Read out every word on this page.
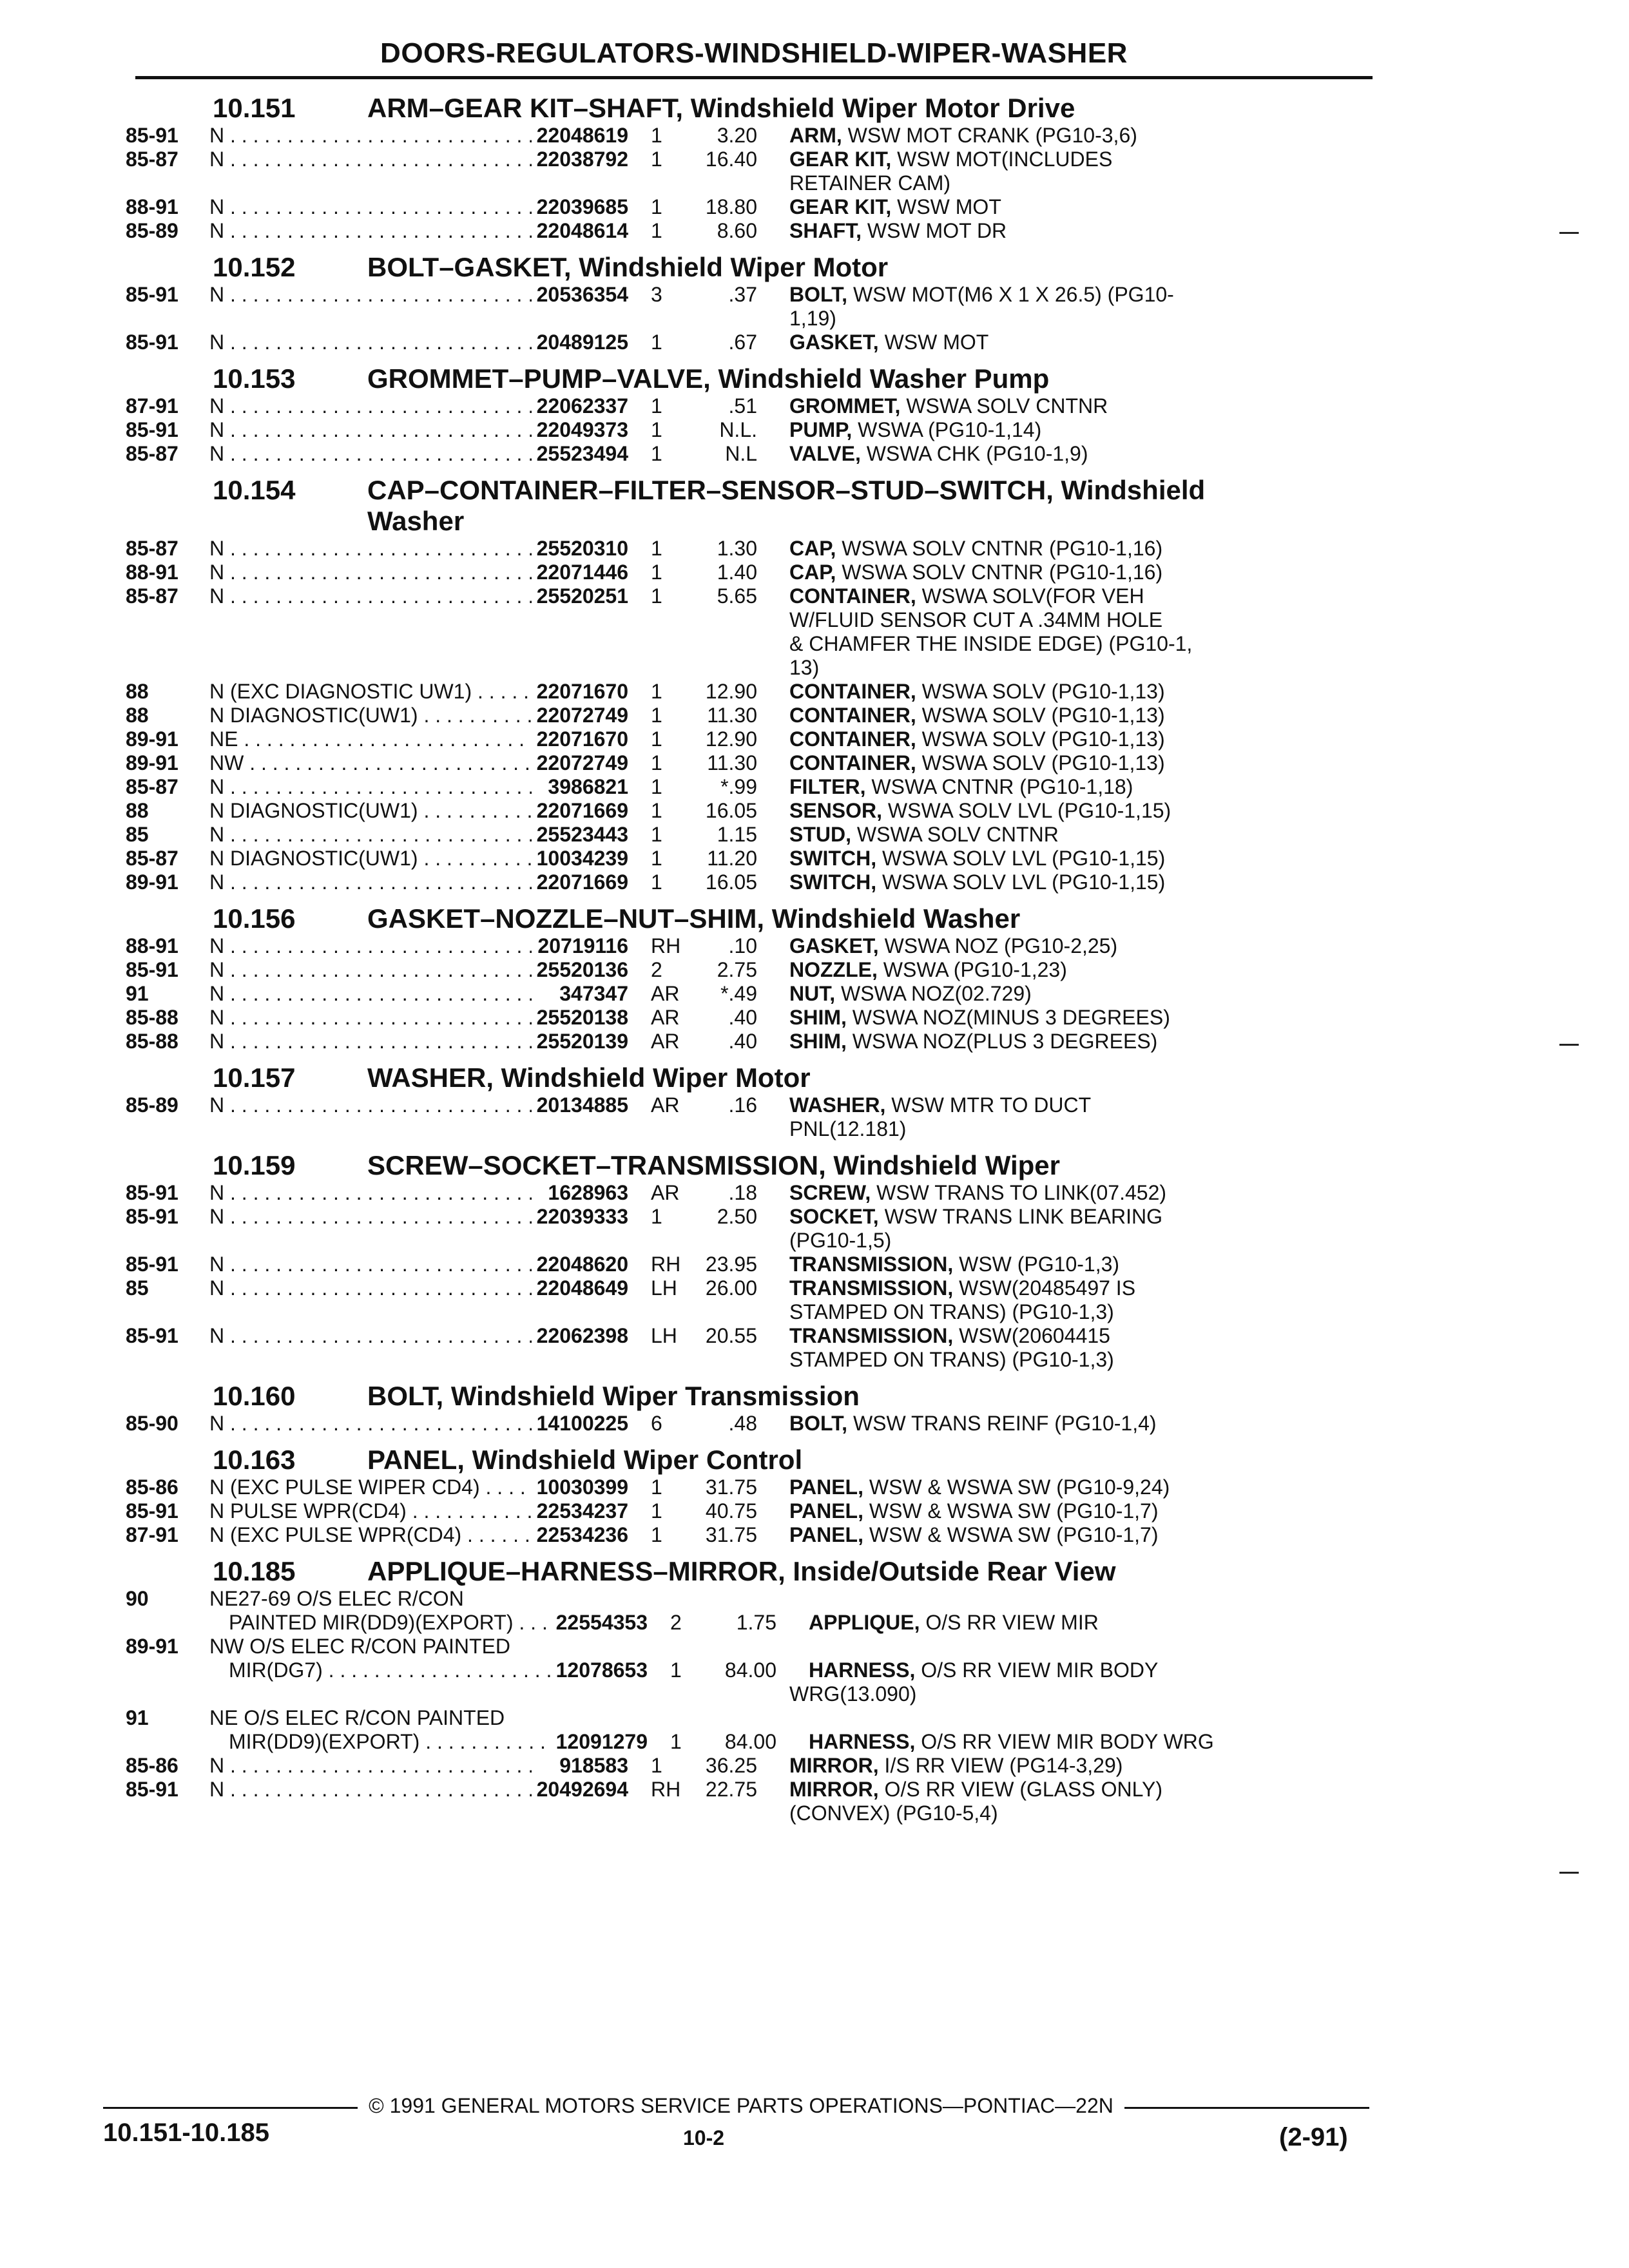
DOORS-REGULATORS-WINDSHIELD-WIPER-WASHER
10.151	ARM–GEAR KIT–SHAFT, Windshield Wiper Motor Drive
85-91	N . . .	22048619	1	3.20	ARM, WSW MOT CRANK (PG10-3,6)
85-87	N . . .	22038792	1	16.40	GEAR KIT, WSW MOT(INCLUDES
RETAINER CAM)
88-91	N . . .	22039685	1	18.80	GEAR KIT, WSW MOT
85-89	N . . .	22048614	1	8.60	SHAFT, WSW MOT DR
10.152	BOLT–GASKET, Windshield Wiper Motor
85-91	N . . .	20536354	3	.37	BOLT, WSW MOT(M6 X 1 X 26.5) (PG10-
1,19)
85-91	N . . .	20489125	1	.67	GASKET, WSW MOT
10.153	GROMMET–PUMP–VALVE, Windshield Washer Pump
87-91	N . . .	22062337	1	.51	GROMMET, WSWA SOLV CNTNR
85-91	N . . .	22049373	1	N.L.	PUMP, WSWA (PG10-1,14)
85-87	N . . .	25523494	1	N.L	VALVE, WSWA CHK (PG10-1,9)
10.154	CAP–CONTAINER–FILTER–SENSOR–STUD–SWITCH, Windshield
Washer
85-87	N . . .	25520310	1	1.30	CAP, WSWA SOLV CNTNR (PG10-1,16)
88-91	N . . .	22071446	1	1.40	CAP, WSWA SOLV CNTNR (PG10-1,16)
85-87	N . . .	25520251	1	5.65	CONTAINER, WSWA SOLV(FOR VEH
W/FLUID SENSOR CUT A .34MM HOLE
& CHAMFER THE INSIDE EDGE) (PG10-1,
13)
88	N (EXC DIAGNOSTIC UW1) . . .	22071670	1	12.90	CONTAINER, WSWA SOLV (PG10-1,13)
88	N DIAGNOSTIC(UW1) . . .	22072749	1	11.30	CONTAINER, WSWA SOLV (PG10-1,13)
89-91	NE . . .	22071670	1	12.90	CONTAINER, WSWA SOLV (PG10-1,13)
89-91	NW . . .	22072749	1	11.30	CONTAINER, WSWA SOLV (PG10-1,13)
85-87	N . . .	3986821	1	*.99	FILTER, WSWA CNTNR (PG10-1,18)
88	N DIAGNOSTIC(UW1) . . .	22071669	1	16.05	SENSOR, WSWA SOLV LVL (PG10-1,15)
85	N . . .	25523443	1	1.15	STUD, WSWA SOLV CNTNR
85-87	N DIAGNOSTIC(UW1) . . .	10034239	1	11.20	SWITCH, WSWA SOLV LVL (PG10-1,15)
89-91	N . . .	22071669	1	16.05	SWITCH, WSWA SOLV LVL (PG10-1,15)
10.156	GASKET–NOZZLE–NUT–SHIM, Windshield Washer
88-91	N . . .	20719116	RH	.10	GASKET, WSWA NOZ (PG10-2,25)
85-91	N . . .	25520136	2	2.75	NOZZLE, WSWA (PG10-1,23)
91	N . . .	347347	AR	*.49	NUT, WSWA NOZ(02.729)
85-88	N . . .	25520138	AR	.40	SHIM, WSWA NOZ(MINUS 3 DEGREES)
85-88	N . . .	25520139	AR	.40	SHIM, WSWA NOZ(PLUS 3 DEGREES)
10.157	WASHER, Windshield Wiper Motor
85-89	N . . .	20134885	AR	.16	WASHER, WSW MTR TO DUCT
PNL(12.181)
10.159	SCREW–SOCKET–TRANSMISSION, Windshield Wiper
85-91	N . . .	1628963	AR	.18	SCREW, WSW TRANS TO LINK(07.452)
85-91	N . . .	22039333	1	2.50	SOCKET, WSW TRANS LINK BEARING
(PG10-1,5)
85-91	N . . .	22048620	RH	23.95	TRANSMISSION, WSW (PG10-1,3)
85	N . . .	22048649	LH	26.00	TRANSMISSION, WSW(20485497 IS
STAMPED ON TRANS) (PG10-1,3)
85-91	N . . .	22062398	LH	20.55	TRANSMISSION, WSW(20604415
STAMPED ON TRANS) (PG10-1,3)
10.160	BOLT, Windshield Wiper Transmission
85-90	N . . .	14100225	6	.48	BOLT, WSW TRANS REINF (PG10-1,4)
10.163	PANEL, Windshield Wiper Control
85-86	N (EXC PULSE WIPER CD4) . . .	10030399	1	31.75	PANEL, WSW & WSWA SW (PG10-9,24)
85-91	N PULSE WPR(CD4) . . .	22534237	1	40.75	PANEL, WSW & WSWA SW (PG10-1,7)
87-91	N (EXC PULSE WPR(CD4) . . .	22534236	1	31.75	PANEL, WSW & WSWA SW (PG10-1,7)
10.185	APPLIQUE–HARNESS–MIRROR, Inside/Outside Rear View
90	NE27-69 O/S ELEC R/CON
PAINTED MIR(DD9)(EXPORT) . . .	22554353	2	1.75	APPLIQUE, O/S RR VIEW MIR
89-91	NW O/S ELEC R/CON PAINTED
MIR(DG7) . . .	12078653	1	84.00	HARNESS, O/S RR VIEW MIR BODY
WRG(13.090)
91	NE O/S ELEC R/CON PAINTED
MIR(DD9)(EXPORT) . . .	12091279	1	84.00	HARNESS, O/S RR VIEW MIR BODY WRG
85-86	N . . .	918583	1	36.25	MIRROR, I/S RR VIEW (PG14-3,29)
85-91	N . . .	20492694	RH	22.75	MIRROR, O/S RR VIEW (GLASS ONLY)
(CONVEX) (PG10-5,4)
© 1991 GENERAL MOTORS SERVICE PARTS OPERATIONS—PONTIAC—22N
10.151-10.185	10-2	(2-91)
